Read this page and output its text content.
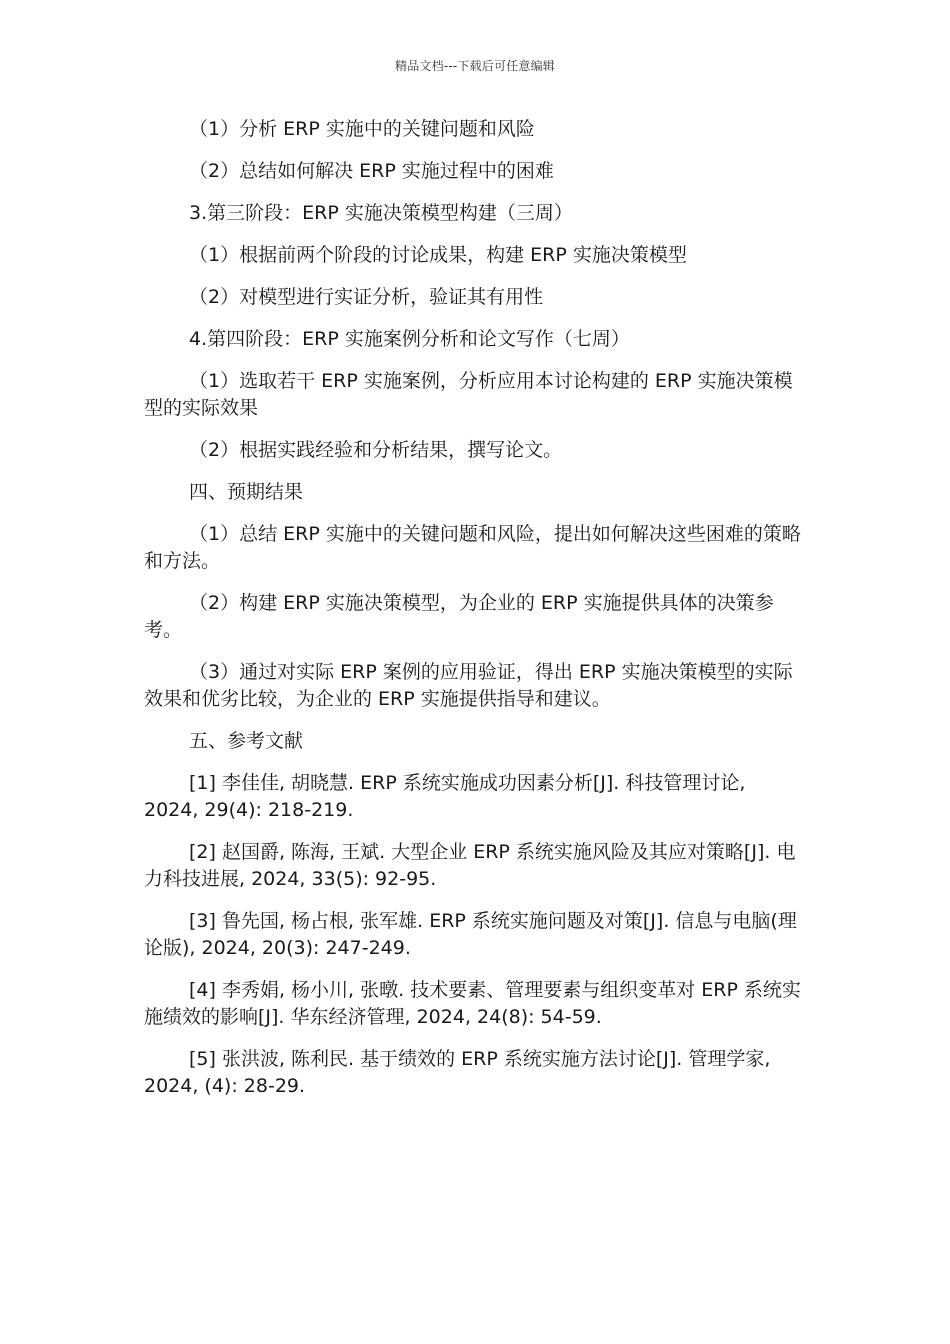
精品文档---下载后可任意编辑

（1）分析 ERP 实施中的关键问题和风险

（2）总结如何解决 ERP 实施过程中的困难

3.第三阶段：ERP 实施决策模型构建（三周）

（1）根据前两个阶段的讨论成果，构建 ERP 实施决策模型

（2）对模型进行实证分析，验证其有用性

4.第四阶段：ERP 实施案例分析和论文写作（七周）

（1）选取若干 ERP 实施案例，分析应用本讨论构建的 ERP 实施决策模型的实际效果

（2）根据实践经验和分析结果，撰写论文。

四、预期结果

（1）总结 ERP 实施中的关键问题和风险，提出如何解决这些困难的策略和方法。

（2）构建 ERP 实施决策模型，为企业的 ERP 实施提供具体的决策参考。

（3）通过对实际 ERP 案例的应用验证，得出 ERP 实施决策模型的实际效果和优劣比较，为企业的 ERP 实施提供指导和建议。

五、参考文献

[1] 李佳佳, 胡晓慧. ERP 系统实施成功因素分析[J]. 科技管理讨论, 2024, 29(4): 218-219.

[2] 赵国爵, 陈海, 王斌. 大型企业 ERP 系统实施风险及其应对策略[J]. 电力科技进展, 2024, 33(5): 92-95.

[3] 鲁先国, 杨占根, 张军雄. ERP 系统实施问题及对策[J]. 信息与电脑(理论版), 2024, 20(3): 247-249.

[4] 李秀娟, 杨小川, 张暾. 技术要素、管理要素与组织变革对 ERP 系统实施绩效的影响[J]. 华东经济管理, 2024, 24(8): 54-59.

[5] 张洪波, 陈利民. 基于绩效的 ERP 系统实施方法讨论[J]. 管理学家, 2024, (4): 28-29.
